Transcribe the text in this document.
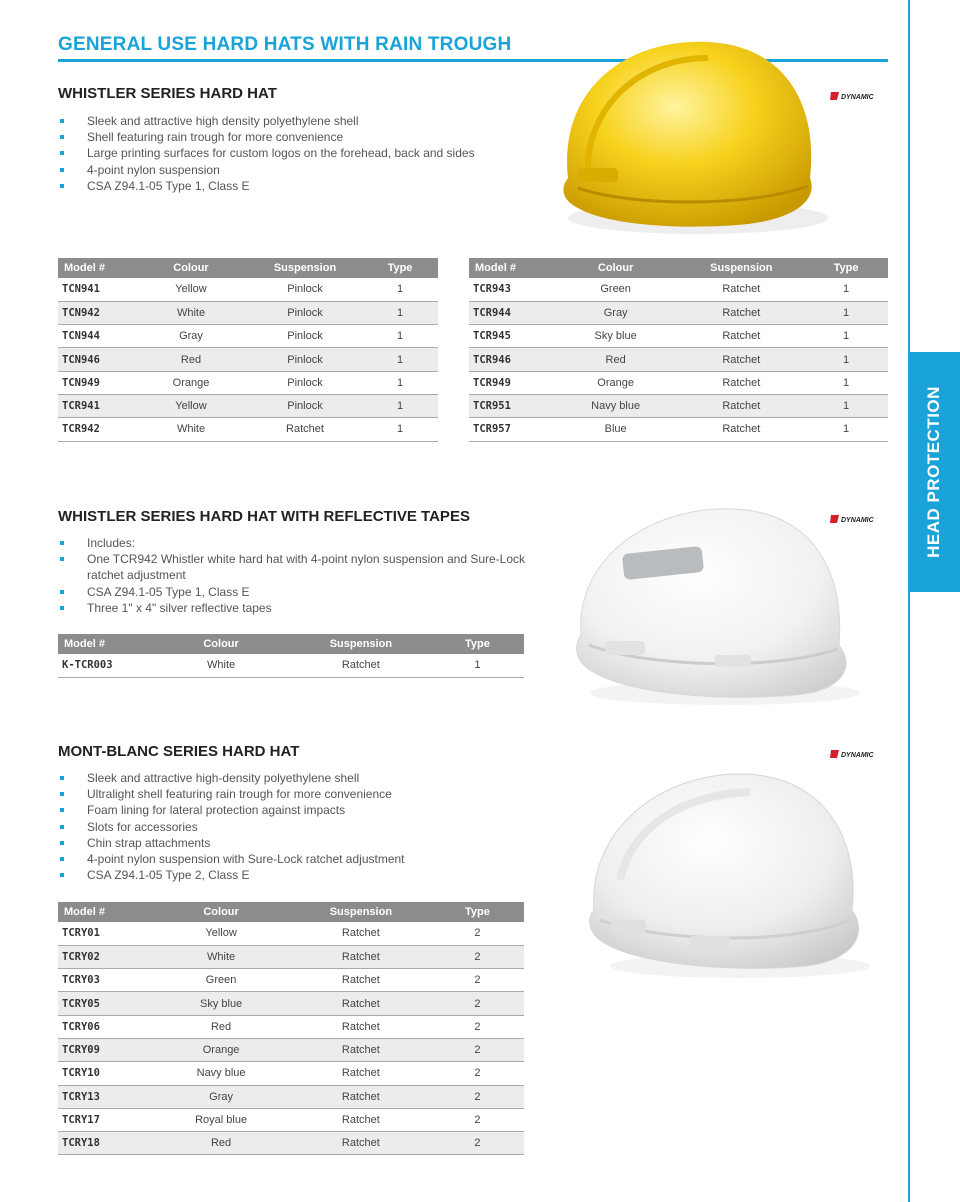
GENERAL USE HARD HATS WITH RAIN TROUGH
HEAD PROTECTION
WHISTLER SERIES HARD HAT
Sleek and attractive high density polyethylene shell
Shell featuring rain trough for more convenience
Large printing surfaces for custom logos on the forehead, back and sides
4-point nylon suspension
CSA Z94.1-05 Type 1, Class E
DYNAMIC
Model #	Colour	Suspension	Type
TCN941	Yellow	Pinlock	1
TCN942	White	Pinlock	1
TCN944	Gray	Pinlock	1
TCN946	Red	Pinlock	1
TCN949	Orange	Pinlock	1
TCR941	Yellow	Pinlock	1
TCR942	White	Ratchet	1
Model #	Colour	Suspension	Type
TCR943	Green	Ratchet	1
TCR944	Gray	Ratchet	1
TCR945	Sky blue	Ratchet	1
TCR946	Red	Ratchet	1
TCR949	Orange	Ratchet	1
TCR951	Navy blue	Ratchet	1
TCR957	Blue	Ratchet	1
WHISTLER SERIES HARD HAT WITH REFLECTIVE TAPES
Includes:
One TCR942 Whistler white hard hat with 4-point nylon suspension and Sure-Lock ratchet adjustment
CSA Z94.1-05 Type 1, Class E
Three 1" x 4" silver reflective tapes
DYNAMIC
Model #	Colour	Suspension	Type
K-TCR003	White	Ratchet	1
MONT-BLANC SERIES HARD HAT
Sleek and attractive high-density polyethylene shell
Ultralight shell featuring rain trough for more convenience
Foam lining for lateral protection against impacts
Slots for accessories
Chin strap attachments
4-point nylon suspension with Sure-Lock ratchet adjustment
CSA Z94.1-05 Type 2, Class E
DYNAMIC
Model #	Colour	Suspension	Type
TCRY01	Yellow	Ratchet	2
TCRY02	White	Ratchet	2
TCRY03	Green	Ratchet	2
TCRY05	Sky blue	Ratchet	2
TCRY06	Red	Ratchet	2
TCRY09	Orange	Ratchet	2
TCRY10	Navy blue	Ratchet	2
TCRY13	Gray	Ratchet	2
TCRY17	Royal blue	Ratchet	2
TCRY18	Red	Ratchet	2
